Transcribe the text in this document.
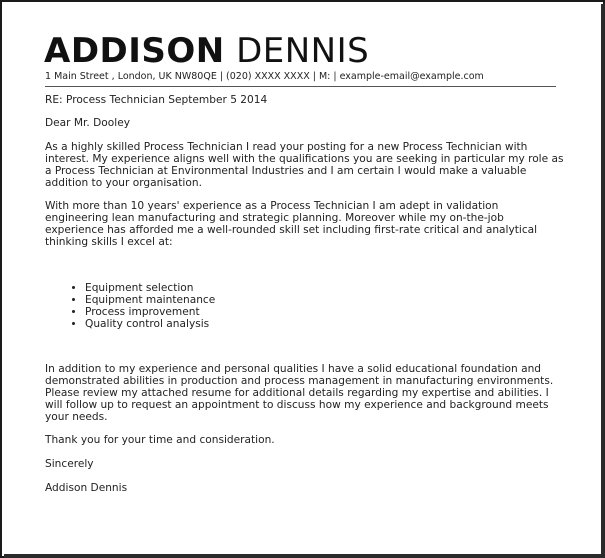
ADDISON DENNIS
1 Main Street , London, UK NW80QE | (020) XXXX XXXX | M: | example-email@example.com

RE: Process Technician September 5 2014

Dear Mr. Dooley

As a highly skilled Process Technician I read your posting for a new Process Technician with interest. My experience aligns well with the qualifications you are seeking in particular my role as a Process Technician at Environmental Industries and I am certain I would make a valuable addition to your organisation.

With more than 10 years' experience as a Process Technician I am adept in validation engineering lean manufacturing and strategic planning. Moreover while my on-the-job experience has afforded me a well-rounded skill set including first-rate critical and analytical thinking skills I excel at:

• Equipment selection
• Equipment maintenance
• Process improvement
• Quality control analysis

In addition to my experience and personal qualities I have a solid educational foundation and demonstrated abilities in production and process management in manufacturing environments. Please review my attached resume for additional details regarding my expertise and abilities. I will follow up to request an appointment to discuss how my experience and background meets your needs.

Thank you for your time and consideration.

Sincerely

Addison Dennis
